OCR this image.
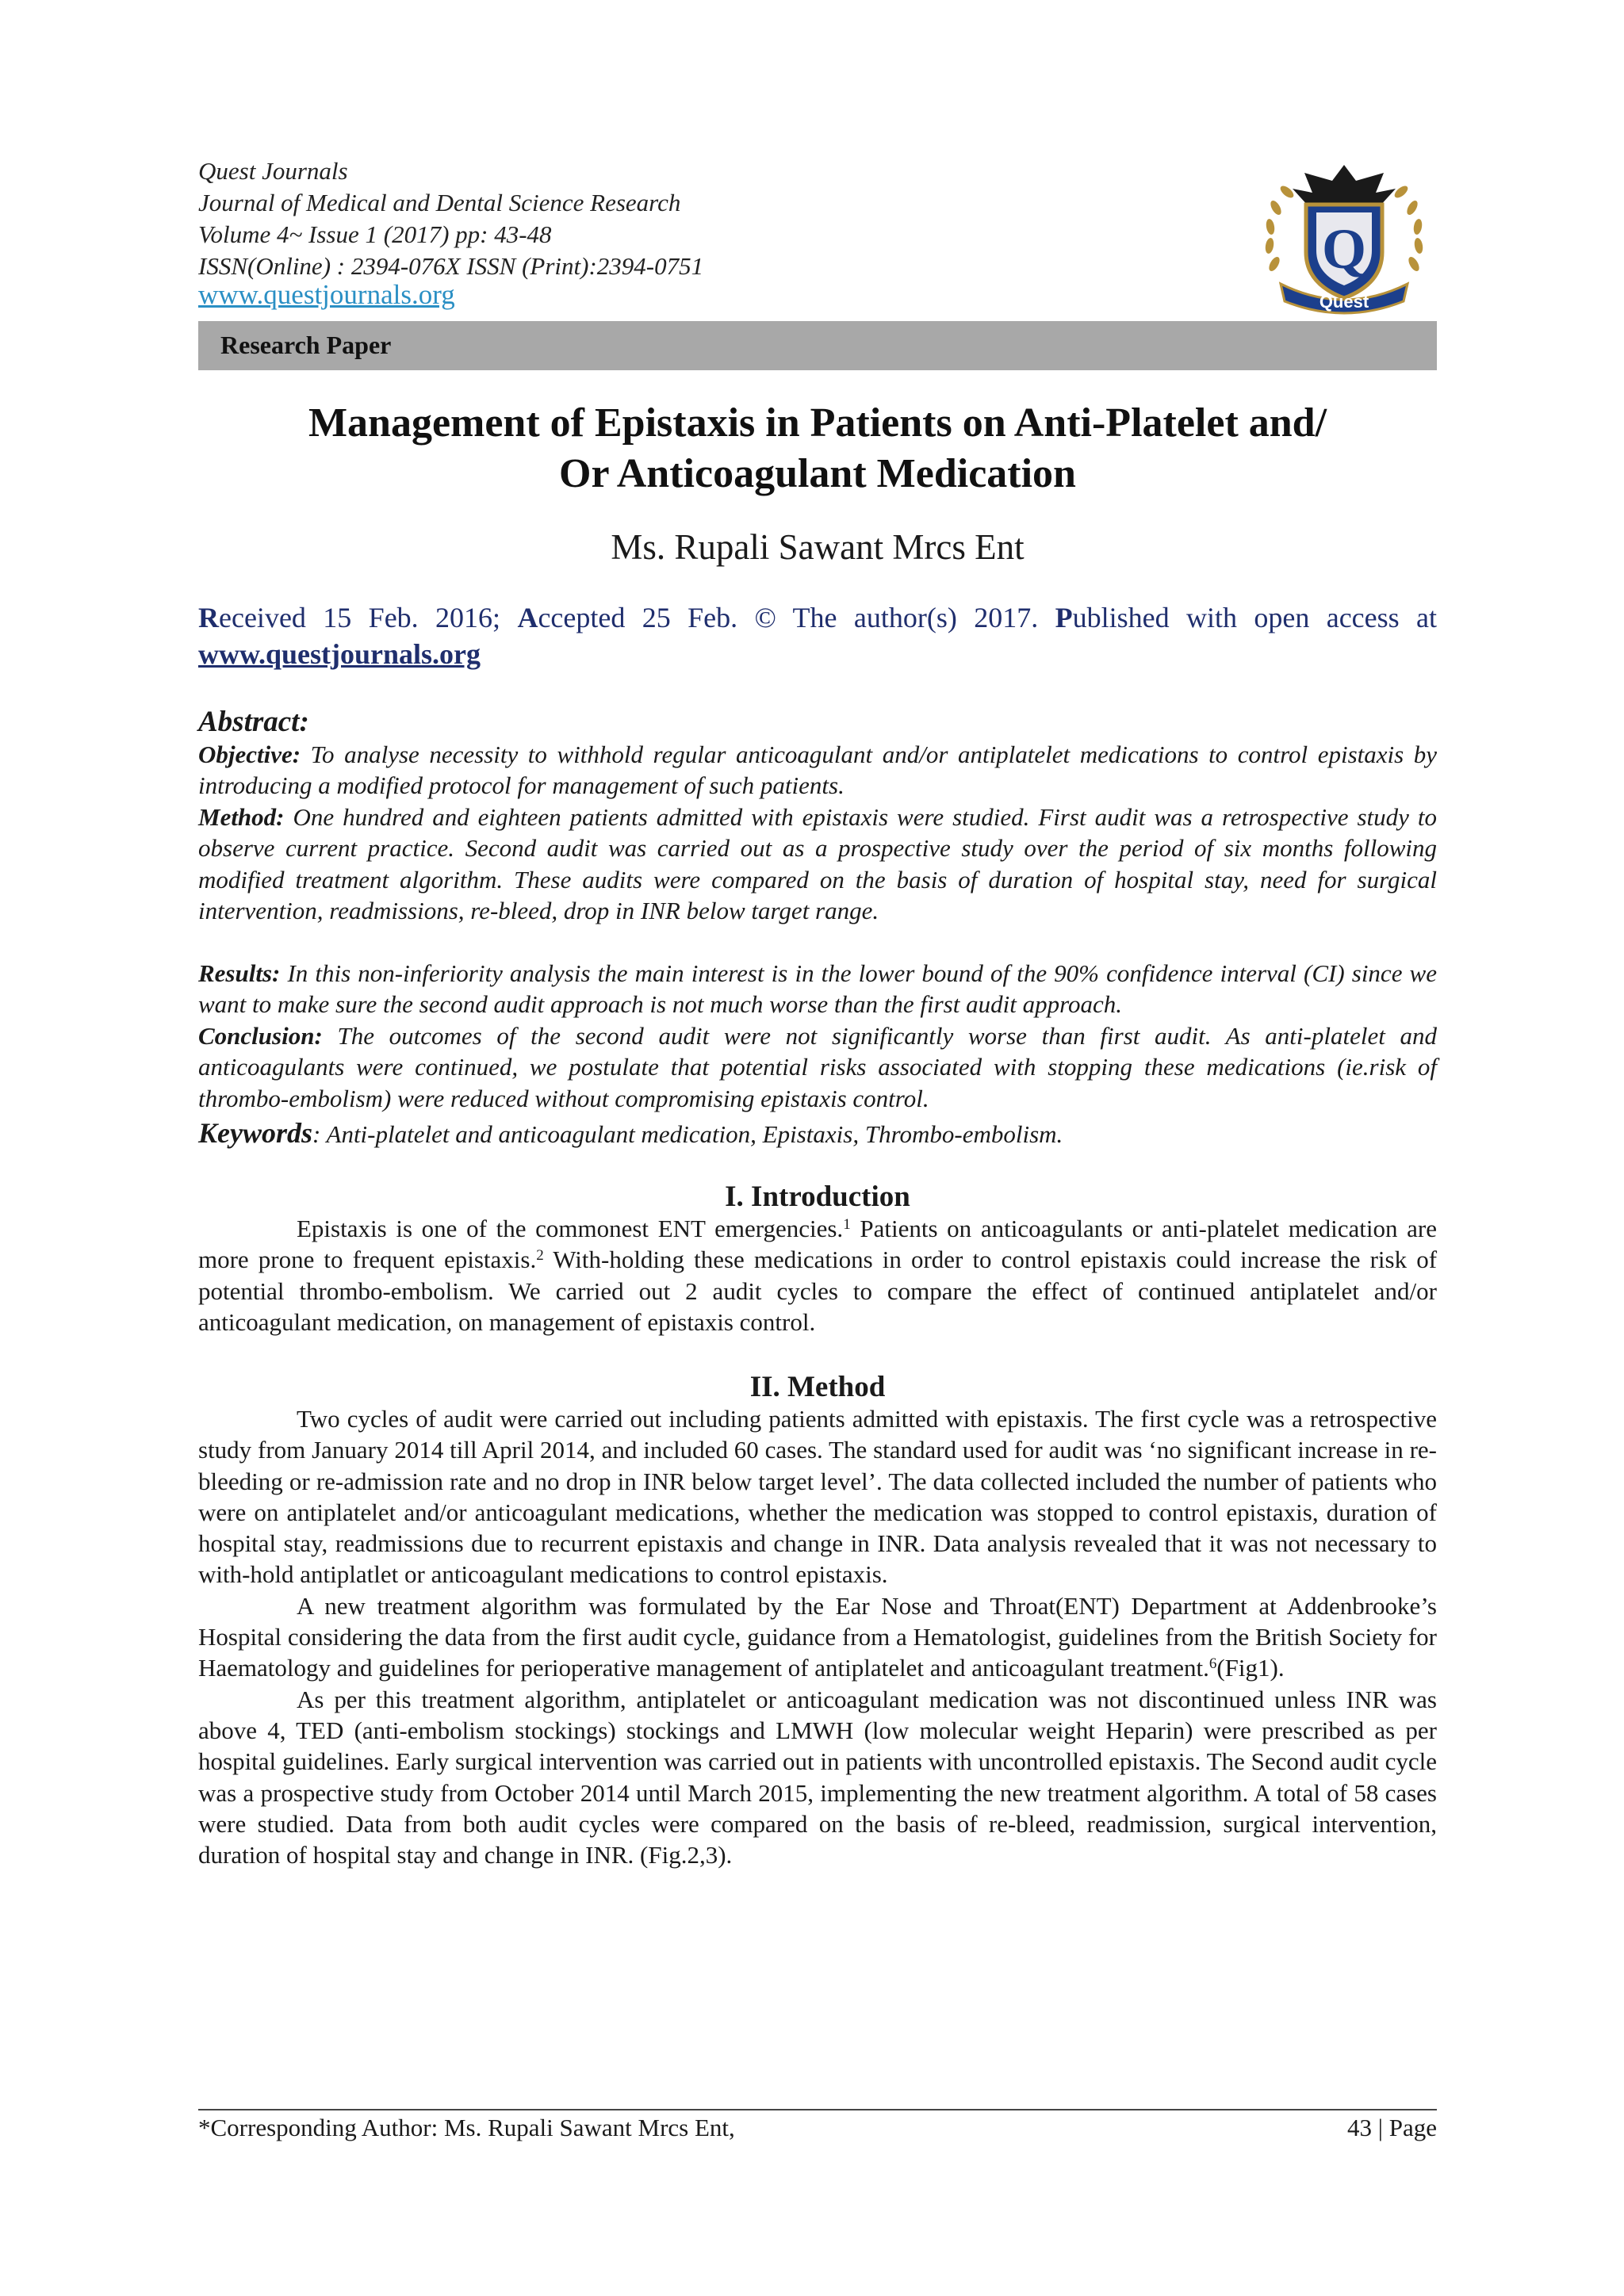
Quest Journals
Journal of Medical and Dental Science Research
Volume 4~ Issue 1 (2017) pp: 43-48
ISSN(Online) : 2394-076X ISSN (Print):2394-0751
www.questjournals.org
Q
Quest
Research Paper
Management of Epistaxis in Patients on Anti-Platelet and/
Or Anticoagulant Medication
Ms. Rupali Sawant Mrcs Ent
Received 15 Feb. 2016; Accepted 25 Feb. © The author(s) 2017. Published with open access at
www.questjournals.org
Abstract:
Objective: To analyse necessity to withhold regular anticoagulant and/or antiplatelet medications to control epistaxis by introducing a modified protocol for management of such patients.
Method: One hundred and eighteen patients admitted with epistaxis were studied. First audit was a retrospective study to observe current practice. Second audit was carried out as a prospective study over the period of six months following modified treatment algorithm. These audits were compared on the basis of duration of hospital stay, need for surgical intervention, readmissions, re-bleed, drop in INR below target range.
Results: In this non-inferiority analysis the main interest is in the lower bound of the 90% confidence interval (CI) since we want to make sure the second audit approach is not much worse than the first audit approach.
Conclusion: The outcomes of the second audit were not significantly worse than first audit. As anti-platelet and anticoagulants were continued, we postulate that potential risks associated with stopping these medications (ie.risk of thrombo-embolism) were reduced without compromising epistaxis control.
Keywords: Anti-platelet and anticoagulant medication, Epistaxis, Thrombo-embolism.
I. Introduction

Epistaxis is one of the commonest ENT emergencies.$^1$ Patients on anticoagulants or anti-platelet medication are more prone to frequent epistaxis.$^2$ With-holding these medications in order to control epistaxis could increase the risk of potential thrombo-embolism. We carried out 2 audit cycles to compare the effect of continued antiplatelet and/or anticoagulant medication, on management of epistaxis control.

II. Method

Two cycles of audit were carried out including patients admitted with epistaxis. The first cycle was a retrospective study from January 2014 till April 2014, and included 60 cases. The standard used for audit was ‘no significant increase in re-bleeding or re-admission rate and no drop in INR below target level’. The data collected included the number of patients who were on antiplatelet and/or anticoagulant medications, whether the medication was stopped to control epistaxis, duration of hospital stay, readmissions due to recurrent epistaxis and change in INR. Data analysis revealed that it was not necessary to with-hold antiplatlet or anticoagulant medications to control epistaxis.

A new treatment algorithm was formulated by the Ear Nose and Throat(ENT) Department at Addenbrooke’s Hospital considering the data from the first audit cycle, guidance from a Hematologist, guidelines from the British Society for Haematology and guidelines for perioperative management of antiplatelet and anticoagulant treatment.$^6$(Fig1).

As per this treatment algorithm, antiplatelet or anticoagulant medication was not discontinued unless INR was above 4, TED (anti-embolism stockings) stockings and LMWH (low molecular weight Heparin) were prescribed as per hospital guidelines. Early surgical intervention was carried out in patients with uncontrolled epistaxis. The Second audit cycle was a prospective study from October 2014 until March 2015, implementing the new treatment algorithm. A total of 58 cases were studied. Data from both audit cycles were compared on the basis of re-bleed, readmission, surgical intervention, duration of hospital stay and change in INR. (Fig.2,3).

*Corresponding Author: Ms. Rupali Sawant Mrcs Ent,	43 | Page
